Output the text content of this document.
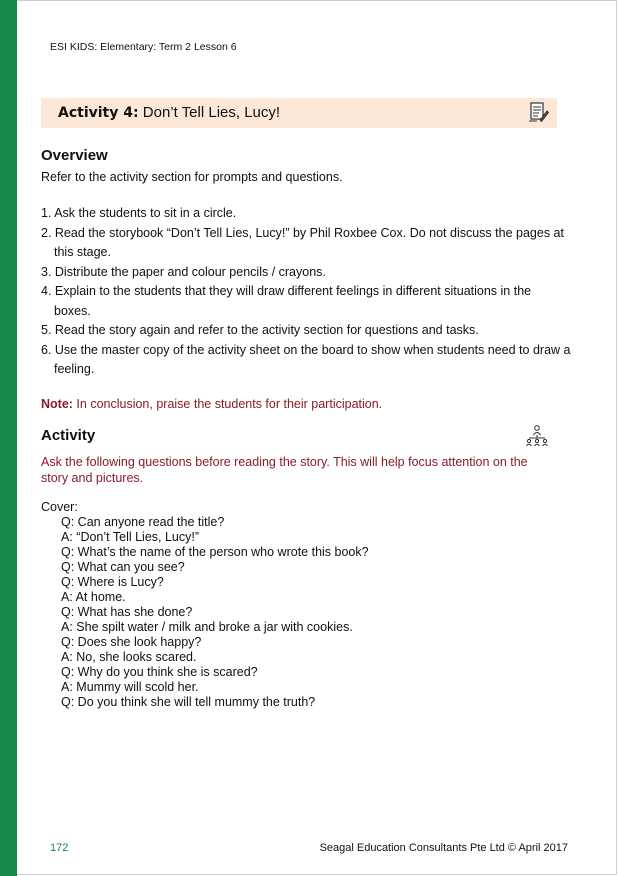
ESI KIDS: Elementary: Term 2 Lesson 6
Activity 4: Don’t Tell Lies, Lucy!
Overview
Refer to the activity section for prompts and questions.
1. Ask the students to sit in a circle.
2. Read the storybook “Don’t Tell Lies, Lucy!” by Phil Roxbee Cox. Do not discuss the pages at this stage.
3. Distribute the paper and colour pencils / crayons.
4. Explain to the students that they will draw different feelings in different situations in the boxes.
5. Read the story again and refer to the activity section for questions and tasks.
6. Use the master copy of the activity sheet on the board to show when students need to draw a feeling.
Note: In conclusion, praise the students for their participation.
Activity
Ask the following questions before reading the story. This will help focus attention on the story and pictures.
Cover:
Q: Can anyone read the title?
A: “Don’t Tell Lies, Lucy!”
Q: What’s the name of the person who wrote this book?
Q: What can you see?
Q: Where is Lucy?
A: At home.
Q: What has she done?
A: She spilt water / milk and broke a jar with cookies.
Q: Does she look happy?
A: No, she looks scared.
Q: Why do you think she is scared?
A: Mummy will scold her.
Q: Do you think she will tell mummy the truth?
172	Seagal Education Consultants Pte Ltd © April 2017
